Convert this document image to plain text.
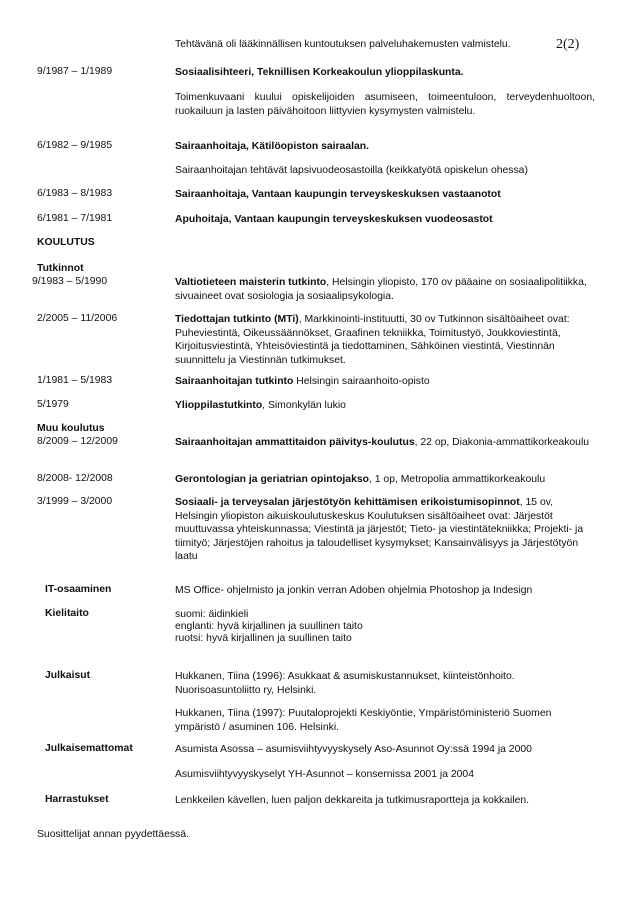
Tehtävänä oli lääkinnällisen kuntoutuksen palveluhakemusten valmistelu.	2(2)
9/1987 – 1/1989	Sosiaalisihteeri, Teknillisen Korkeakoulun ylioppilaskunta.
Toimenkuvaani kuului opiskelijoiden asumiseen, toimeentuloon, terveydenhuoltoon, ruokailuun ja lasten päivähoitoon liittyvien kysymysten valmistelu.
6/1982 – 9/1985	Sairaanhoitaja, Kätilöopiston sairaalan.
Sairaanhoitajan tehtävät lapsivuodeosastoilla (keikkatyötä opiskelun ohessa)
6/1983 – 8/1983	Sairaanhoitaja, Vantaan kaupungin terveyskeskuksen vastaanotot
6/1981 – 7/1981	Apuhoitaja, Vantaan kaupungin terveyskeskuksen vuodeosastot
KOULUTUS
Tutkinnot
9/1983 – 5/1990	Valtiotieteen maisterin tutkinto, Helsingin yliopisto, 170 ov pääaine on sosiaalipolitiikka, sivuaineet ovat sosiologia ja sosiaalipsykologia.
2/2005 – 11/2006	Tiedottajan tutkinto (MTi), Markkinointi-instituutti, 30 ov Tutkinnon sisältöaiheet ovat: Puheviestintä, Oikeussäännökset, Graafinen tekniikka, Toimitustyö, Joukkoviestintä, Kirjoitusviestintä, Yhteisöviestintä ja tiedottaminen, Sähköinen viestintä, Viestinnän suunnittelu ja Viestinnän tutkimukset.
1/1981 – 5/1983	Sairaanhoitajan tutkinto Helsingin sairaanhoito-opisto
5/1979	Ylioppilastutkinto, Simonkylän lukio
Muu koulutus
8/2009 – 12/2009	Sairaanhoitajan ammattitaidon päivitys-koulutus, 22 op, Diakonia-ammattikorkeakoulu
8/2008- 12/2008	Gerontologian ja geriatrian opintojakso, 1 op, Metropolia ammattikorkeakoulu
3/1999 – 3/2000	Sosiaali- ja terveysalan järjestötyön kehittämisen erikoistumisopinnot, 15 ov, Helsingin yliopiston aikuiskoulutuskeskus Koulutuksen sisältöaiheet ovat: Järjestöt muuttuvassa yhteiskunnassa; Viestintä ja järjestöt; Tieto- ja viestintätekniikka; Projekti- ja tiimityö; Järjestöjen rahoitus ja taloudelliset kysymykset; Kansainvälisyys ja Järjestötyön laatu
IT-osaaminen	MS Office- ohjelmisto ja jonkin verran Adoben ohjelmia Photoshop ja Indesign
Kielitaito	suomi: äidinkieli
englanti: hyvä kirjallinen ja suullinen taito
ruotsi: hyvä kirjallinen ja suullinen taito
Julkaisut	Hukkanen, Tiina (1996): Asukkaat & asumiskustannukset, kiinteistönhoito. Nuorisoasuntoliitto ry, Helsinki.
Hukkanen, Tiina (1997): Puutaloprojekti Keskiyöntie, Ympäristöministeriö Suomen ympäristö / asuminen 106. Helsinki.
Julkaisemattomat	Asumista Asossa – asumisviihtyvyyskysely Aso-Asunnot Oy:ssä 1994 ja 2000
Asumisviihtyvyyskyselyt YH-Asunnot – konsernissa 2001 ja 2004
Harrastukset	Lenkkeilen kävellen, luen paljon dekkareita ja tutkimusraportteja ja kokkailen.
Suosittelijat annan pyydettäessä.
